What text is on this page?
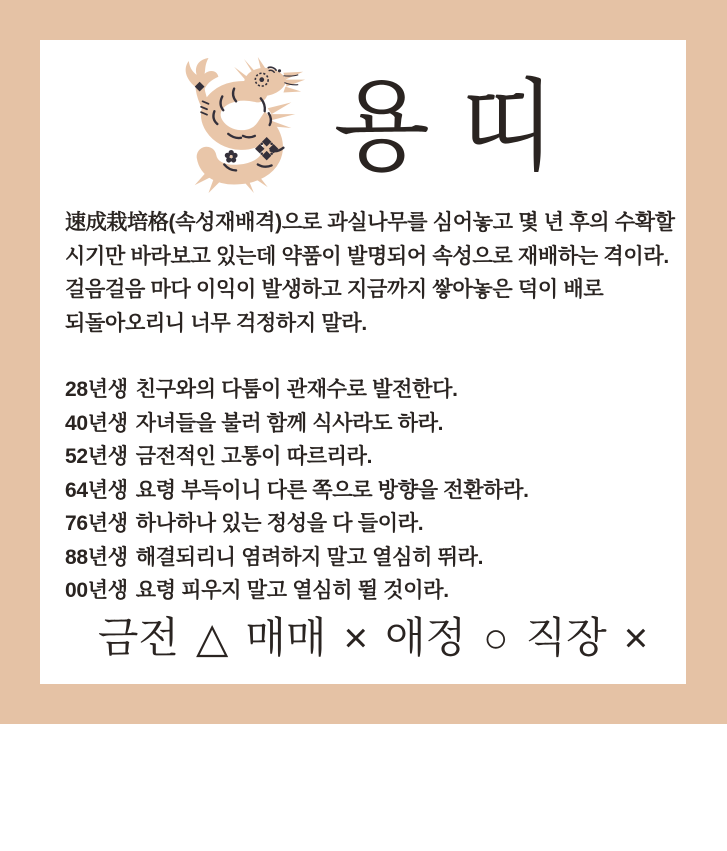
용띠
速成栽培格(속성재배격)으로 과실나무를 심어놓고 몇 년 후의 수확할
시기만 바라보고 있는데 약품이 발명되어 속성으로 재배하는 격이라.
걸음걸음 마다 이익이 발생하고 지금까지 쌓아놓은 덕이 배로
되돌아오리니 너무 걱정하지 말라.
28년생 친구와의 다툼이 관재수로 발전한다.
40년생 자녀들을 불러 함께 식사라도 하라.
52년생 금전적인 고통이 따르리라.
64년생 요령 부득이니 다른 쪽으로 방향을 전환하라.
76년생 하나하나 있는 정성을 다 들이라.
88년생 해결되리니 염려하지 말고 열심히 뛰라.
00년생 요령 피우지 말고 열심히 뛸 것이라.
금전 △ 매매 × 애정 ○ 직장 ×
